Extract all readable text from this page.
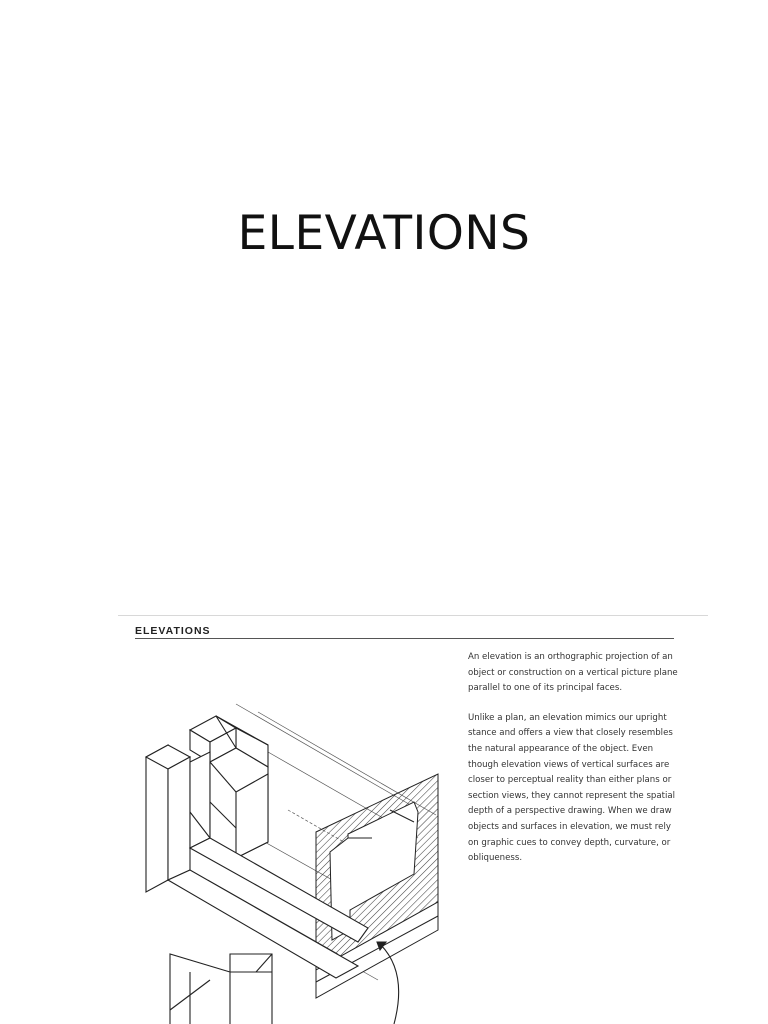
ELEVATIONS
ELEVATIONS

An elevation is an orthographic projection of an object or construction on a vertical picture plane parallel to one of its principal faces.

Unlike a plan, an elevation mimics our upright stance and offers a view that closely resembles the natural appearance of the object. Even though elevation views of vertical surfaces are closer to perceptual reality than either plans or section views, they cannot represent the spatial depth of a perspective drawing. When we draw objects and surfaces in elevation, we must rely on graphic cues to convey depth, curvature, or obliqueness.
